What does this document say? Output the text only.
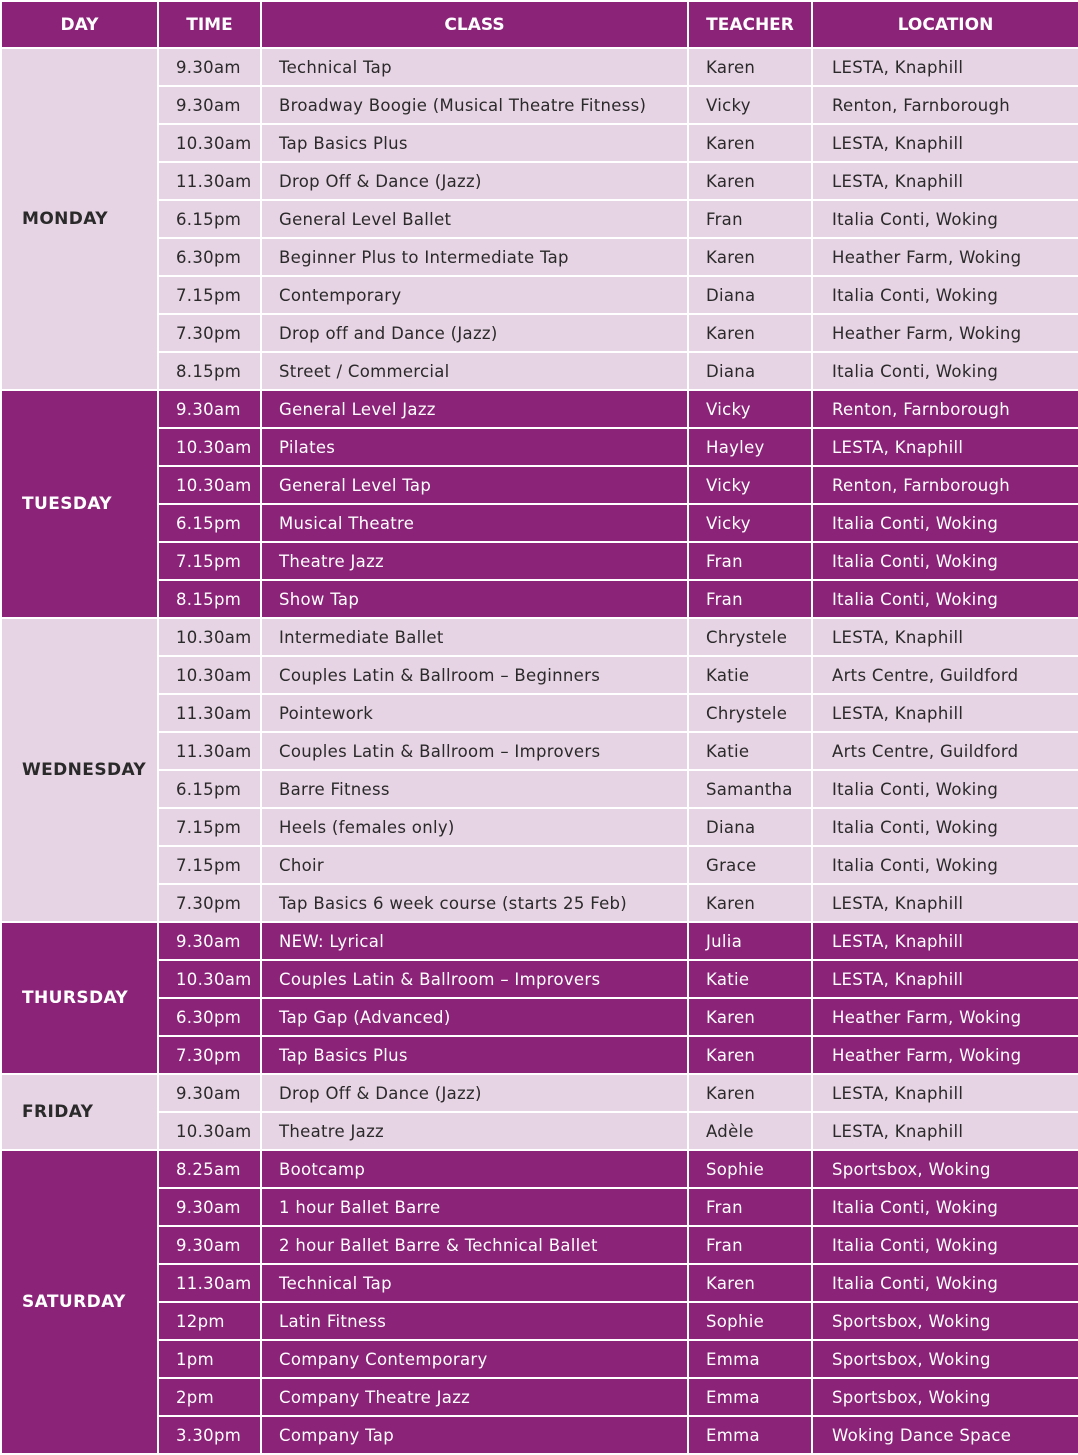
DAY	TIME	CLASS	TEACHER	LOCATION
MONDAY	9.30am	Technical Tap	Karen	LESTA, Knaphill
	9.30am	Broadway Boogie (Musical Theatre Fitness)	Vicky	Renton, Farnborough
	10.30am	Tap Basics Plus	Karen	LESTA, Knaphill
	11.30am	Drop Off & Dance (Jazz)	Karen	LESTA, Knaphill
	6.15pm	General Level Ballet	Fran	Italia Conti, Woking
	6.30pm	Beginner Plus to Intermediate Tap	Karen	Heather Farm, Woking
	7.15pm	Contemporary	Diana	Italia Conti, Woking
	7.30pm	Drop off and Dance (Jazz)	Karen	Heather Farm, Woking
	8.15pm	Street / Commercial	Diana	Italia Conti, Woking
TUESDAY	9.30am	General Level Jazz	Vicky	Renton, Farnborough
	10.30am	Pilates	Hayley	LESTA, Knaphill
	10.30am	General Level Tap	Vicky	Renton, Farnborough
	6.15pm	Musical Theatre	Vicky	Italia Conti, Woking
	7.15pm	Theatre Jazz	Fran	Italia Conti, Woking
	8.15pm	Show Tap	Fran	Italia Conti, Woking
WEDNESDAY	10.30am	Intermediate Ballet	Chrystele	LESTA, Knaphill
	10.30am	Couples Latin & Ballroom – Beginners	Katie	Arts Centre, Guildford
	11.30am	Pointework	Chrystele	LESTA, Knaphill
	11.30am	Couples Latin & Ballroom – Improvers	Katie	Arts Centre, Guildford
	6.15pm	Barre Fitness	Samantha	Italia Conti, Woking
	7.15pm	Heels (females only)	Diana	Italia Conti, Woking
	7.15pm	Choir	Grace	Italia Conti, Woking
	7.30pm	Tap Basics 6 week course (starts 25 Feb)	Karen	LESTA, Knaphill
THURSDAY	9.30am	NEW: Lyrical	Julia	LESTA, Knaphill
	10.30am	Couples Latin & Ballroom – Improvers	Katie	LESTA, Knaphill
	6.30pm	Tap Gap (Advanced)	Karen	Heather Farm, Woking
	7.30pm	Tap Basics Plus	Karen	Heather Farm, Woking
FRIDAY	9.30am	Drop Off & Dance (Jazz)	Karen	LESTA, Knaphill
	10.30am	Theatre Jazz	Adèle	LESTA, Knaphill
SATURDAY	8.25am	Bootcamp	Sophie	Sportsbox, Woking
	9.30am	1 hour Ballet Barre	Fran	Italia Conti, Woking
	9.30am	2 hour Ballet Barre & Technical Ballet	Fran	Italia Conti, Woking
	11.30am	Technical Tap	Karen	Italia Conti, Woking
	12pm	Latin Fitness	Sophie	Sportsbox, Woking
	1pm	Company Contemporary	Emma	Sportsbox, Woking
	2pm	Company Theatre Jazz	Emma	Sportsbox, Woking
	3.30pm	Company Tap	Emma	Woking Dance Space
